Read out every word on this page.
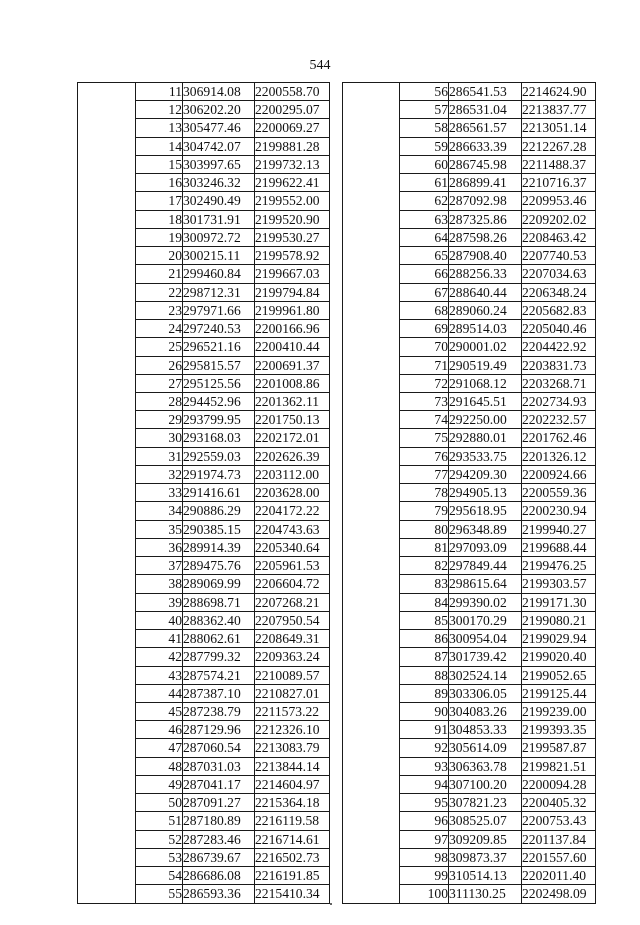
544
	11	306914.08	2200558.70
	12	306202.20	2200295.07
	13	305477.46	2200069.27
	14	304742.07	2199881.28
	15	303997.65	2199732.13
	16	303246.32	2199622.41
	17	302490.49	2199552.00
	18	301731.91	2199520.90
	19	300972.72	2199530.27
	20	300215.11	2199578.92
	21	299460.84	2199667.03
	22	298712.31	2199794.84
	23	297971.66	2199961.80
	24	297240.53	2200166.96
	25	296521.16	2200410.44
	26	295815.57	2200691.37
	27	295125.56	2201008.86
	28	294452.96	2201362.11
	29	293799.95	2201750.13
	30	293168.03	2202172.01
	31	292559.03	2202626.39
	32	291974.73	2203112.00
	33	291416.61	2203628.00
	34	290886.29	2204172.22
	35	290385.15	2204743.63
	36	289914.39	2205340.64
	37	289475.76	2205961.53
	38	289069.99	2206604.72
	39	288698.71	2207268.21
	40	288362.40	2207950.54
	41	288062.61	2208649.31
	42	287799.32	2209363.24
	43	287574.21	2210089.57
	44	287387.10	2210827.01
	45	287238.79	2211573.22
	46	287129.96	2212326.10
	47	287060.54	2213083.79
	48	287031.03	2213844.14
	49	287041.17	2214604.97
	50	287091.27	2215364.18
	51	287180.89	2216119.58
	52	287283.46	2216714.61
	53	286739.67	2216502.73
	54	286686.08	2216191.85
	55	286593.36	2215410.34
	56	286541.53	2214624.90
	57	286531.04	2213837.77
	58	286561.57	2213051.14
	59	286633.39	2212267.28
	60	286745.98	2211488.37
	61	286899.41	2210716.37
	62	287092.98	2209953.46
	63	287325.86	2209202.02
	64	287598.26	2208463.42
	65	287908.40	2207740.53
	66	288256.33	2207034.63
	67	288640.44	2206348.24
	68	289060.24	2205682.83
	69	289514.03	2205040.46
	70	290001.02	2204422.92
	71	290519.49	2203831.73
	72	291068.12	2203268.71
	73	291645.51	2202734.93
	74	292250.00	2202232.57
	75	292880.01	2201762.46
	76	293533.75	2201326.12
	77	294209.30	2200924.66
	78	294905.13	2200559.36
	79	295618.95	2200230.94
	80	296348.89	2199940.27
	81	297093.09	2199688.44
	82	297849.44	2199476.25
	83	298615.64	2199303.57
	84	299390.02	2199171.30
	85	300170.29	2199080.21
	86	300954.04	2199029.94
	87	301739.42	2199020.40
	88	302524.14	2199052.65
	89	303306.05	2199125.44
	90	304083.26	2199239.00
	91	304853.33	2199393.35
	92	305614.09	2199587.87
	93	306363.78	2199821.51
	94	307100.20	2200094.28
	95	307821.23	2200405.32
	96	308525.07	2200753.43
	97	309209.85	2201137.84
	98	309873.37	2201557.60
	99	310514.13	2202011.40
	100	311130.25	2202498.09
